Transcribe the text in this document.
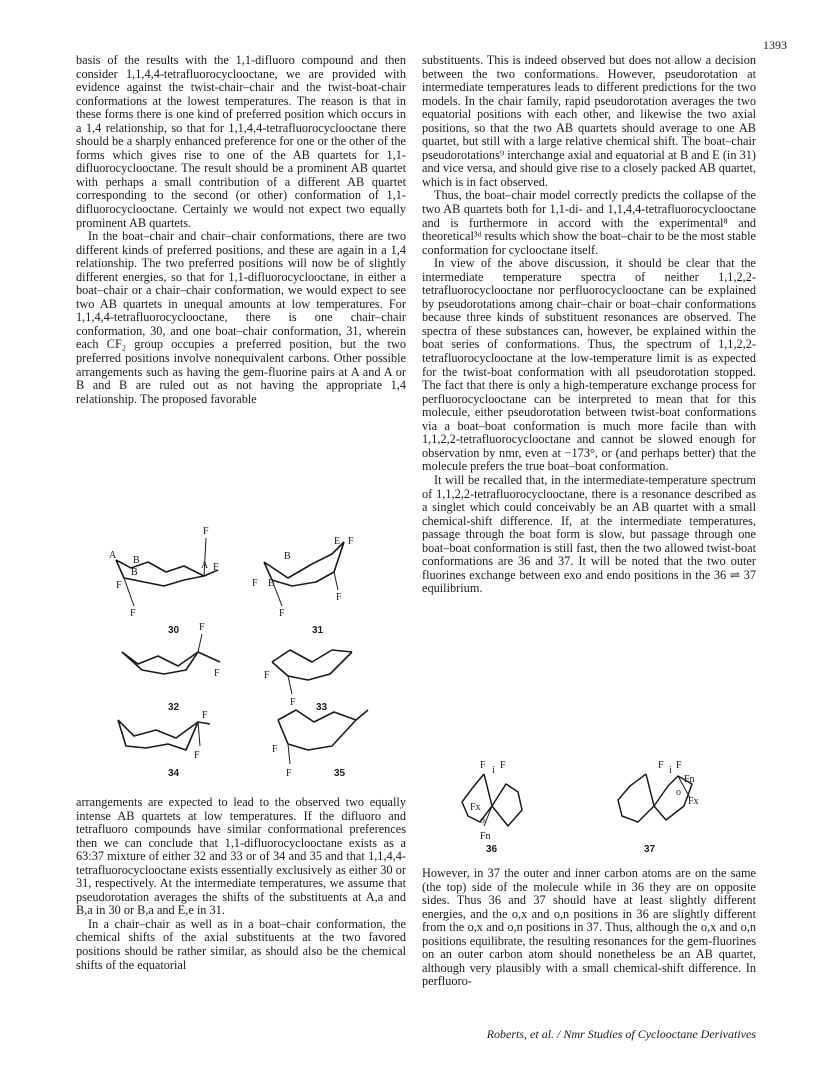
1393

basis of the results with the 1,1-difluoro compound and then consider 1,1,4,4-tetrafluorocyclooctane, we are provided with evidence against the twist-chair–chair and the twist-boat-chair conformations at the lowest temperatures. The reason is that in these forms there is one kind of preferred position which occurs in a 1,4 relationship, so that for 1,1,4,4-tetrafluorocyclooctane there should be a sharply enhanced preference for one or the other of the forms which gives rise to one of the AB quartets for 1,1-difluorocyclooctane. The result should be a prominent AB quartet with perhaps a small contribution of a different AB quartet corresponding to the second (or other) conformation of 1,1-difluorocyclooctane. Certainly we would not expect two equally prominent AB quartets.

In the boat–chair and chair–chair conformations, there are two different kinds of preferred positions, and these are again in a 1,4 relationship. The two preferred positions will now be of slightly different energies, so that for 1,1-difluorocyclooctane, in either a boat–chair or a chair–chair conformation, we would expect to see two AB quartets in unequal amounts at low temperatures. For 1,1,4,4-tetrafluorocyclooctane, there is one chair–chair conformation, 30, and one boat–chair conformation, 31, wherein each CF₂ group occupies a preferred position, but the two preferred positions involve nonequivalent carbons. Other possible arrangements such as having the gem-fluorine pairs at A and A or B and B are ruled out as not having the appropriate 1,4 relationship. The proposed favorable

A B
B
F
F
F
A F
30
B
F B
F
E F
F
31
F
F
32
F
F 33
F
F
34
F
F	35

arrangements are expected to lead to the observed two equally intense AB quartets at low temperatures. If the difluoro and tetrafluoro compounds have similar conformational preferences then we can conclude that 1,1-difluorocyclooctane exists as a 63:37 mixture of either 32 and 33 or of 34 and 35 and that 1,1,4,4-tetrafluorocyclooctane exists essentially exclusively as either 30 or 31, respectively. At the intermediate temperatures, we assume that pseudorotation averages the shifts of the substituents at A,a and B,a in 30 or B,a and E,e in 31.

In a chair–chair as well as in a boat–chair conformation, the chemical shifts of the axial substituents at the two favored positions should be rather similar, as should also be the chemical shifts of the equatorial

substituents. This is indeed observed but does not allow a decision between the two conformations. However, pseudorotation at intermediate temperatures leads to different predictions for the two models. In the chair family, rapid pseudorotation averages the two equatorial positions with each other, and likewise the two axial positions, so that the two AB quartets should average to one AB quartet, but still with a large relative chemical shift. The boat–chair pseudorotations⁹ interchange axial and equatorial at B and E (in 31) and vice versa, and should give rise to a closely packed AB quartet, which is in fact observed.

Thus, the boat–chair model correctly predicts the collapse of the two AB quartets both for 1,1-di- and 1,1,4,4-tetrafluorocyclooctane and is furthermore in accord with the experimental⁸ and theoretical³ᵈ results which show the boat–chair to be the most stable conformation for cyclooctane itself.

In view of the above discussion, it should be clear that the intermediate temperature spectra of neither 1,1,2,2-tetrafluorocyclooctane nor perfluorocyclooctane can be explained by pseudorotations among chair–chair or boat–chair conformations because three kinds of substituent resonances are observed. The spectra of these substances can, however, be explained within the boat series of conformations. Thus, the spectrum of 1,1,2,2-tetrafluorocyclooctane at the low-temperature limit is as expected for the twist-boat conformation with all pseudorotation stopped. The fact that there is only a high-temperature exchange process for perfluorocyclooctane can be interpreted to mean that for this molecule, either pseudorotation between twist-boat conformations via a boat–boat conformation is much more facile than with 1,1,2,2-tetrafluorocyclooctane and cannot be slowed enough for observation by nmr, even at −173°, or (and perhaps better) that the molecule prefers the true boat–boat conformation.

It will be recalled that, in the intermediate-temperature spectrum of 1,1,2,2-tetrafluorocyclooctane, there is a resonance described as a singlet which could conceivably be an AB quartet with a small chemical-shift difference. If, at the intermediate temperatures, passage through the boat form is slow, but passage through one boat–boat conformation is still fast, then the two allowed twist-boat conformations are 36 and 37. It will be noted that the two outer fluorines exchange between exo and endo positions in the 36 ⇌ 37 equilibrium.

F i F
Fx
o
Fn
36
F i F
Fn
o
Fx
37

However, in 37 the outer and inner carbon atoms are on the same (the top) side of the molecule while in 36 they are on opposite sides. Thus 36 and 37 should have at least slightly different energies, and the o,x and o,n positions in 36 are slightly different from the o,x and o,n positions in 37. Thus, although the o,x and o,n positions equilibrate, the resulting resonances for the gem-fluorines on an outer carbon atom should nonetheless be an AB quartet, although very plausibly with a small chemical-shift difference. In perfluoro-

Roberts, et al. / Nmr Studies of Cyclooctane Derivatives
